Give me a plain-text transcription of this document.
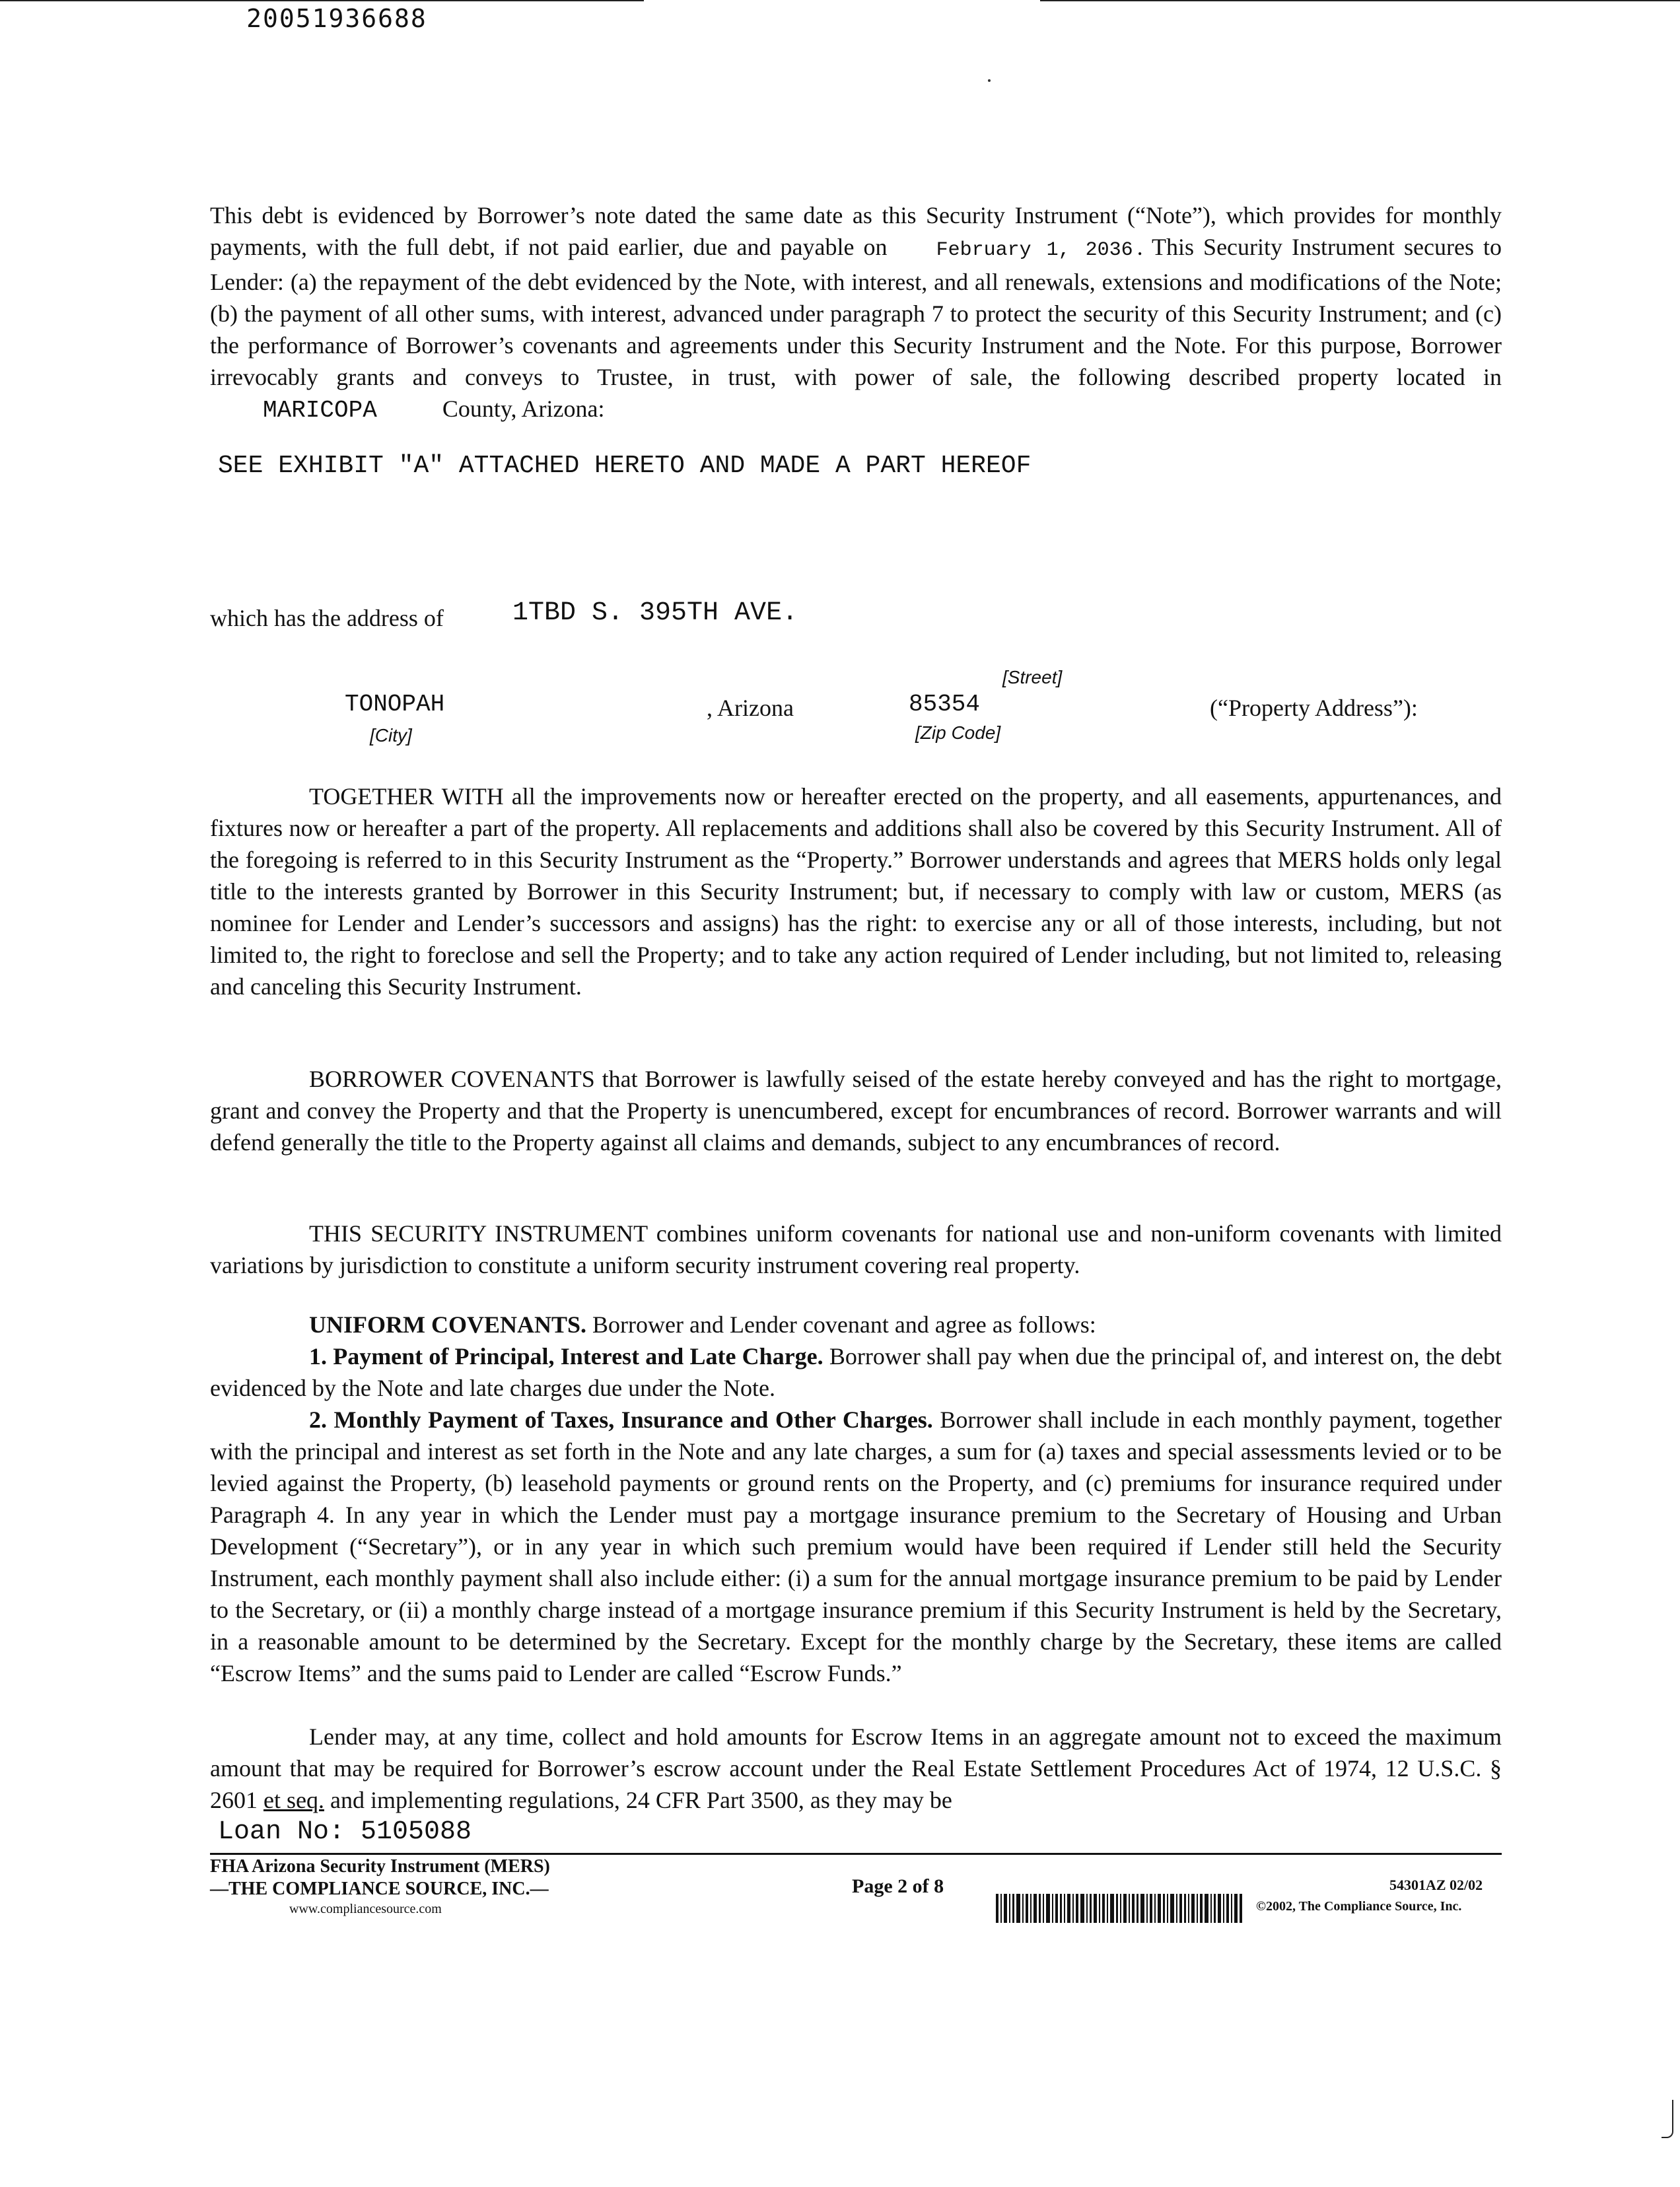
20051936688
This debt is evidenced by Borrower’s note dated the same date as this Security Instrument (“Note”), which provides for monthly payments, with the full debt, if not paid earlier, due and payable on February 1, 2036 . This Security Instrument secures to Lender: (a) the repayment of the debt evidenced by the Note, with interest, and all renewals, extensions and modifications of the Note; (b) the payment of all other sums, with interest, advanced under paragraph 7 to protect the security of this Security Instrument; and (c) the performance of Borrower’s covenants and agreements under this Security Instrument and the Note. For this purpose, Borrower irrevocably grants and conveys to Trustee, in trust, with power of sale, the following described property located in MARICOPA	County, Arizona:
SEE EXHIBIT "A" ATTACHED HERETO AND MADE A PART HEREOF
which has the address of	1TBD S. 395TH AVE.
[Street]
TONOPAH
[City]
, Arizona	85354
[Zip Code]
(“Property Address”):
TOGETHER WITH all the improvements now or hereafter erected on the property, and all easements, appurtenances, and fixtures now or hereafter a part of the property. All replacements and additions shall also be covered by this Security Instrument. All of the foregoing is referred to in this Security Instrument as the “Property.” Borrower understands and agrees that MERS holds only legal title to the interests granted by Borrower in this Security Instrument; but, if necessary to comply with law or custom, MERS (as nominee for Lender and Lender’s successors and assigns) has the right: to exercise any or all of those interests, including, but not limited to, the right to foreclose and sell the Property; and to take any action required of Lender including, but not limited to, releasing and canceling this Security Instrument.
BORROWER COVENANTS that Borrower is lawfully seised of the estate hereby conveyed and has the right to mortgage, grant and convey the Property and that the Property is unencumbered, except for encumbrances of record. Borrower warrants and will defend generally the title to the Property against all claims and demands, subject to any encumbrances of record.
THIS SECURITY INSTRUMENT combines uniform covenants for national use and non-uniform covenants with limited variations by jurisdiction to constitute a uniform security instrument covering real property.
UNIFORM COVENANTS. Borrower and Lender covenant and agree as follows:
1. Payment of Principal, Interest and Late Charge. Borrower shall pay when due the principal of, and interest on, the debt evidenced by the Note and late charges due under the Note.
2. Monthly Payment of Taxes, Insurance and Other Charges. Borrower shall include in each monthly payment, together with the principal and interest as set forth in the Note and any late charges, a sum for (a) taxes and special assessments levied or to be levied against the Property, (b) leasehold payments or ground rents on the Property, and (c) premiums for insurance required under Paragraph 4. In any year in which the Lender must pay a mortgage insurance premium to the Secretary of Housing and Urban Development (“Secretary”), or in any year in which such premium would have been required if Lender still held the Security Instrument, each monthly payment shall also include either: (i) a sum for the annual mortgage insurance premium to be paid by Lender to the Secretary, or (ii) a monthly charge instead of a mortgage insurance premium if this Security Instrument is held by the Secretary, in a reasonable amount to be determined by the Secretary. Except for the monthly charge by the Secretary, these items are called “Escrow Items” and the sums paid to Lender are called “Escrow Funds.”
Lender may, at any time, collect and hold amounts for Escrow Items in an aggregate amount not to exceed the maximum amount that may be required for Borrower’s escrow account under the Real Estate Settlement Procedures Act of 1974, 12 U.S.C. § 2601 et seq. and implementing regulations, 24 CFR Part 3500, as they may be
Loan No: 5105088
FHA Arizona Security Instrument (MERS)
—THE COMPLIANCE SOURCE, INC.—
www.compliancesource.com
Page 2 of 8	54301AZ 02/02
©2002, The Compliance Source, Inc.
